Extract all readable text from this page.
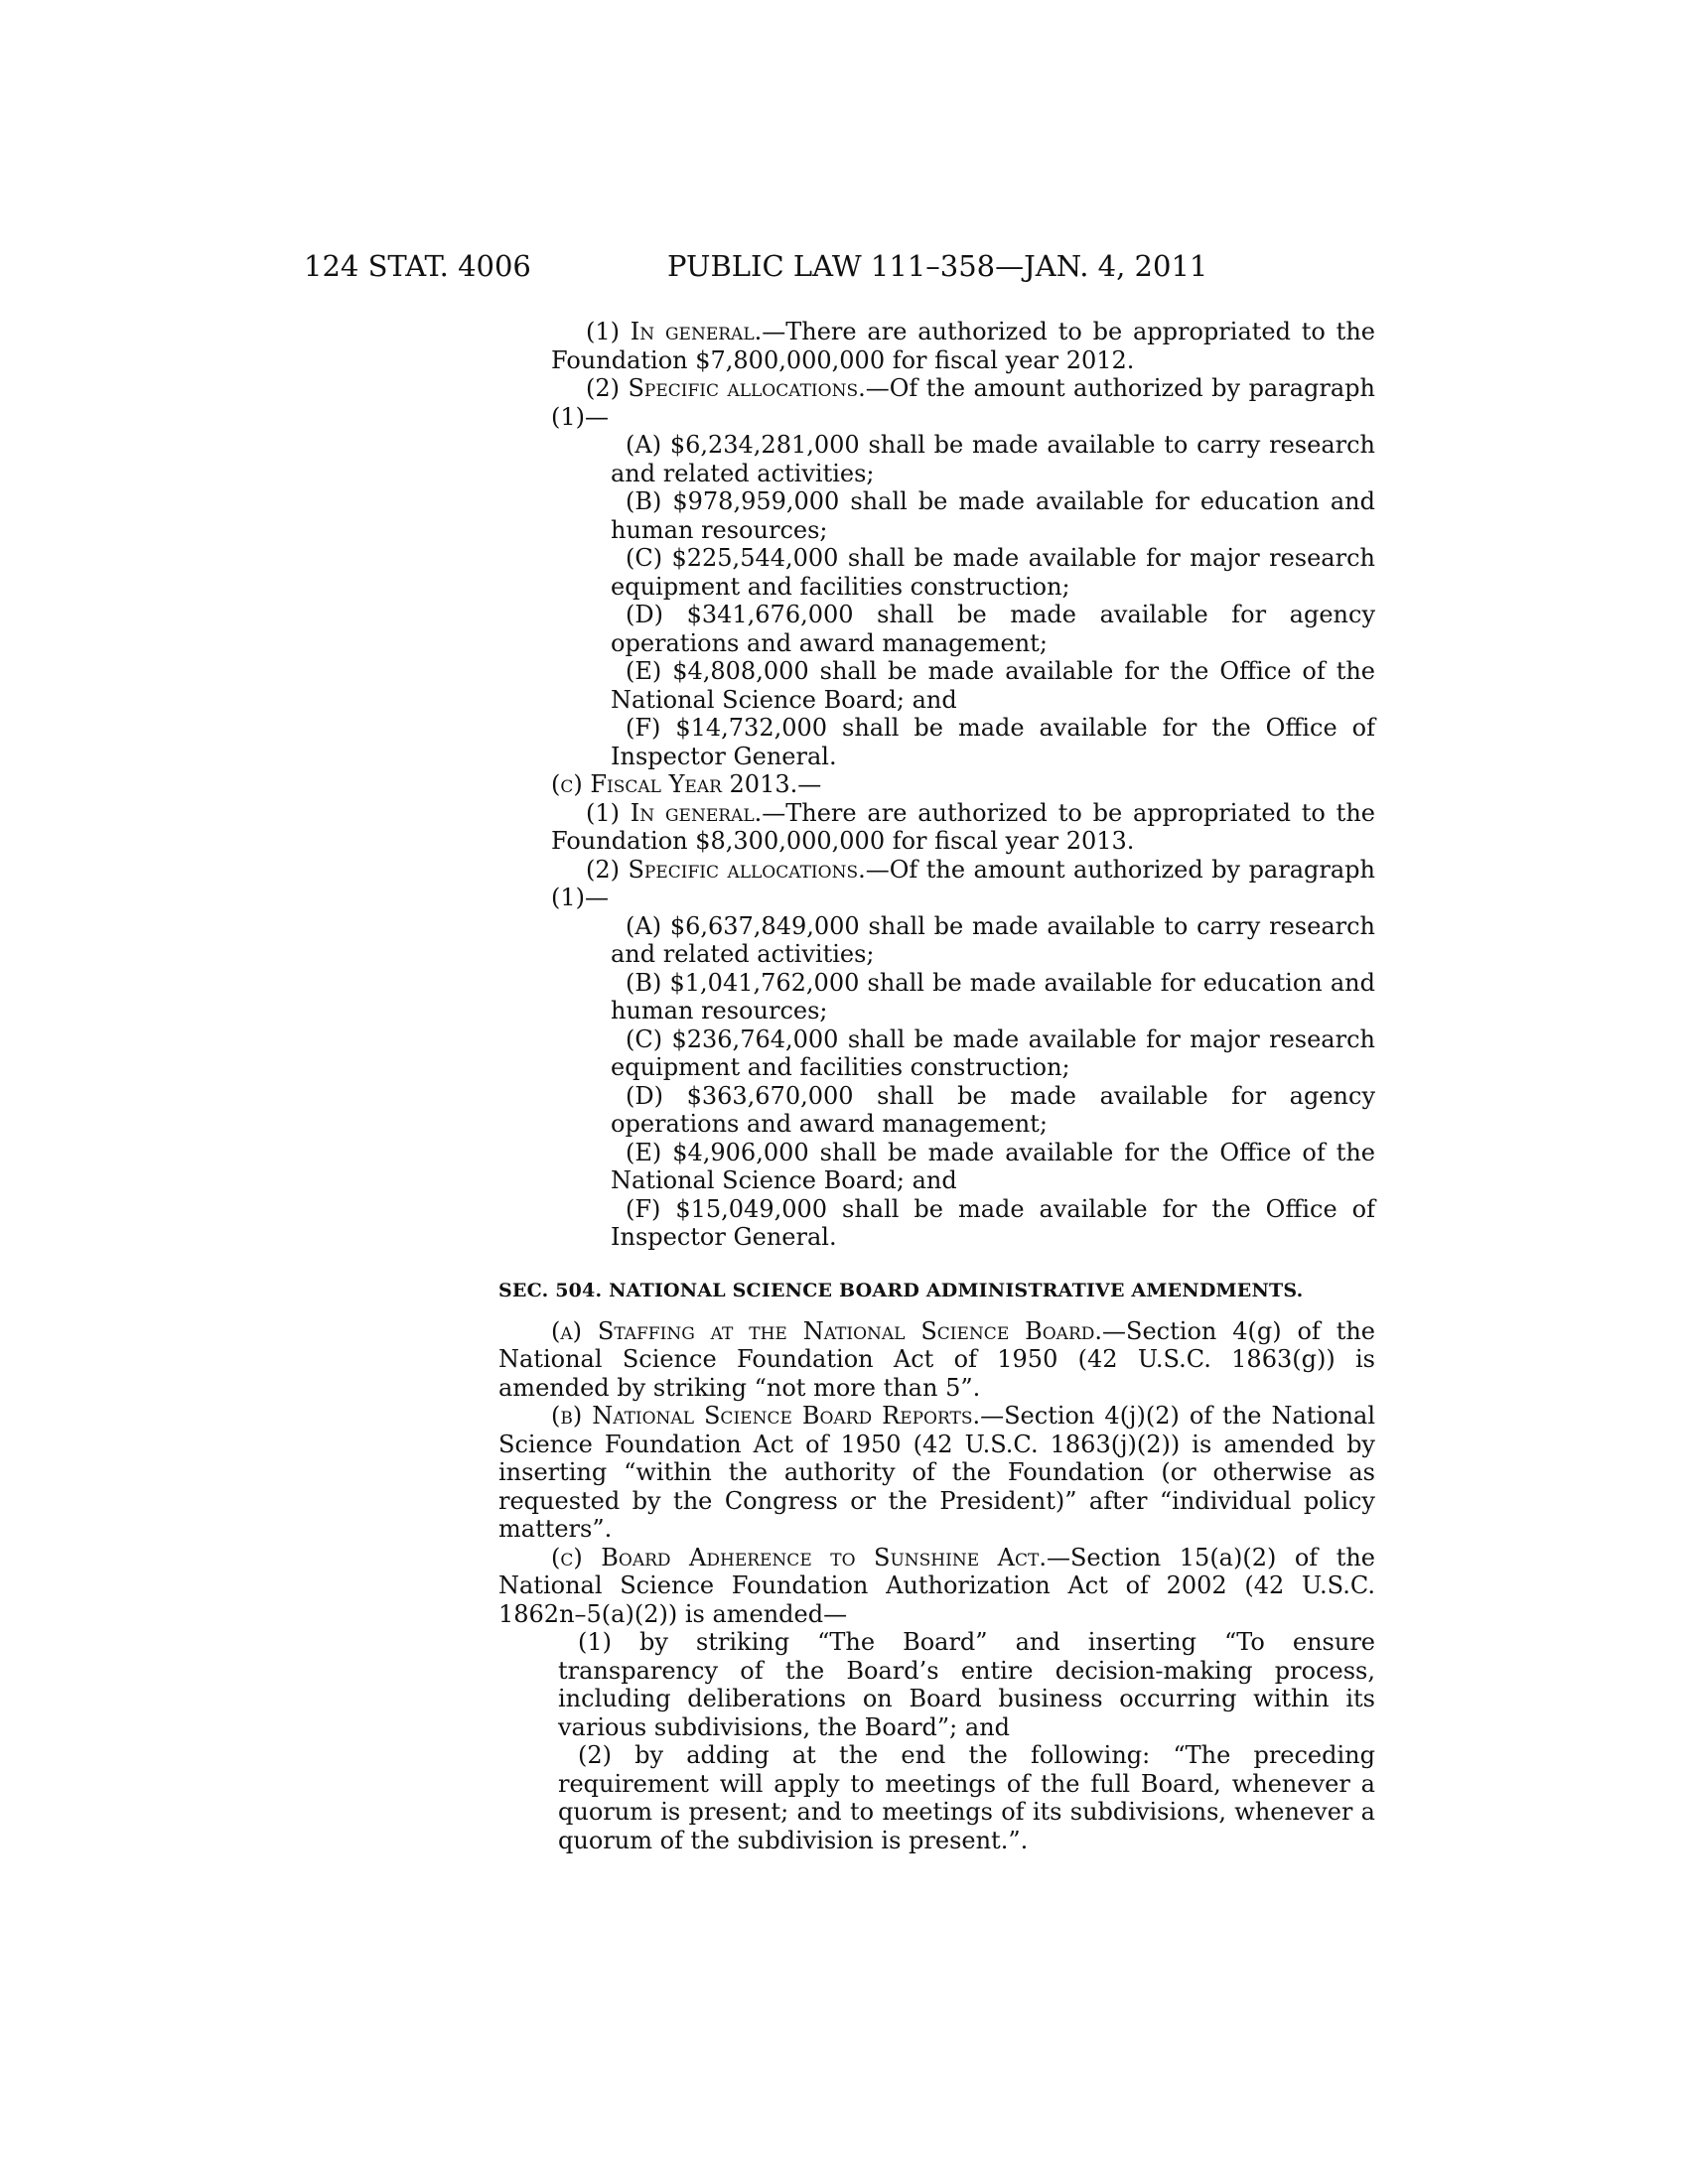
124 STAT. 4006	PUBLIC LAW 111–358—JAN. 4, 2011

(1) In general.—There are authorized to be appropriated to the Foundation $7,800,000,000 for fiscal year 2012.

(2) Specific allocations.—Of the amount authorized by paragraph (1)—

(A) $6,234,281,000 shall be made available to carry research and related activities;

(B) $978,959,000 shall be made available for education and human resources;

(C) $225,544,000 shall be made available for major research equipment and facilities construction;

(D) $341,676,000 shall be made available for agency operations and award management;

(E) $4,808,000 shall be made available for the Office of the National Science Board; and

(F) $14,732,000 shall be made available for the Office of Inspector General.

(c) Fiscal Year 2013.—

(1) In general.—There are authorized to be appropriated to the Foundation $8,300,000,000 for fiscal year 2013.

(2) Specific allocations.—Of the amount authorized by paragraph (1)—

(A) $6,637,849,000 shall be made available to carry research and related activities;

(B) $1,041,762,000 shall be made available for education and human resources;

(C) $236,764,000 shall be made available for major research equipment and facilities construction;

(D) $363,670,000 shall be made available for agency operations and award management;

(E) $4,906,000 shall be made available for the Office of the National Science Board; and

(F) $15,049,000 shall be made available for the Office of Inspector General.

SEC. 504. NATIONAL SCIENCE BOARD ADMINISTRATIVE AMENDMENTS.

(a) Staffing at the National Science Board.—Section 4(g) of the National Science Foundation Act of 1950 (42 U.S.C. 1863(g)) is amended by striking “not more than 5”.

(b) National Science Board Reports.—Section 4(j)(2) of the National Science Foundation Act of 1950 (42 U.S.C. 1863(j)(2)) is amended by inserting “within the authority of the Foundation (or otherwise as requested by the Congress or the President)” after “individual policy matters”.

(c) Board Adherence to Sunshine Act.—Section 15(a)(2) of the National Science Foundation Authorization Act of 2002 (42 U.S.C. 1862n–5(a)(2)) is amended—

(1) by striking “The Board” and inserting “To ensure transparency of the Board’s entire decision-making process, including deliberations on Board business occurring within its various subdivisions, the Board”; and

(2) by adding at the end the following: “The preceding requirement will apply to meetings of the full Board, whenever a quorum is present; and to meetings of its subdivisions, whenever a quorum of the subdivision is present.”.
